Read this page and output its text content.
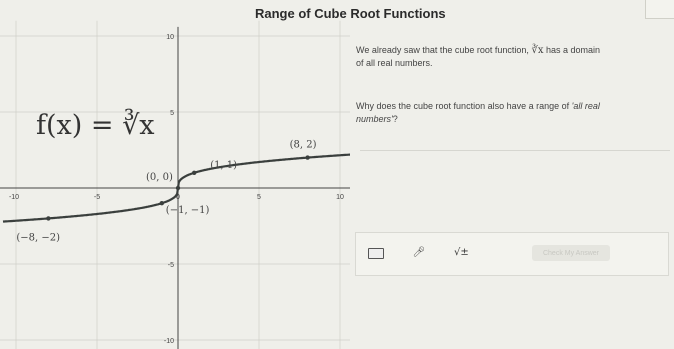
Range of Cube Root Functions
-10	-5	0	5	10
10
5
-5
-10
(0, 0)
(1, 1)
(8, 2)
(−1, −1)
(−8, −2)
f(x) = ∛x
We already saw that the cube root function, ∛x has a domain
of all real numbers.
Why does the cube root function also have a range of 'all real
numbers'?
🎤︎	√±	Check My Answer
